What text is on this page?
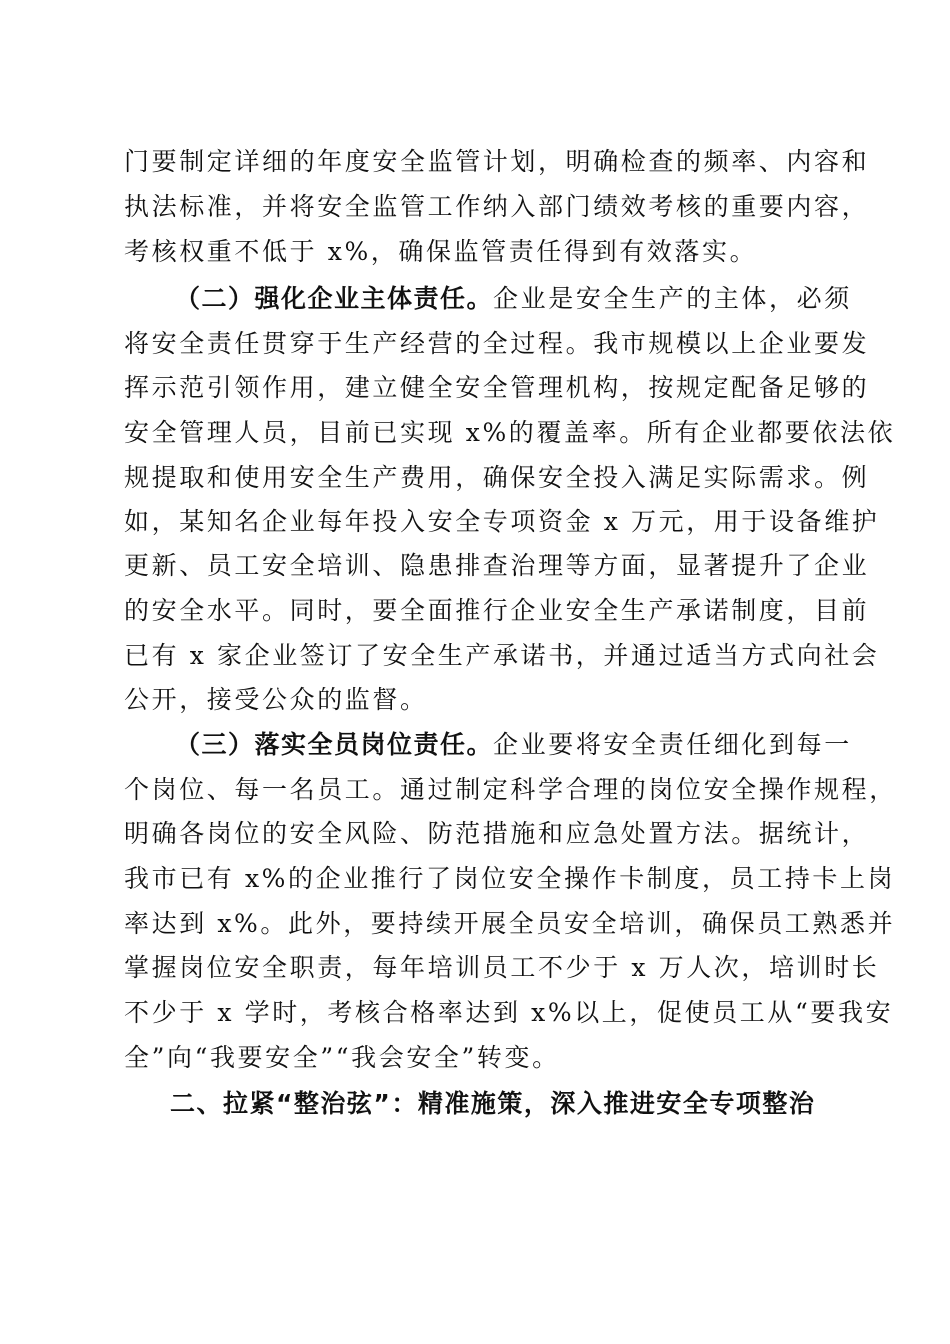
门要制定详细的年度安全监管计划，明确检查的频率、内容和
执法标准，并将安全监管工作纳入部门绩效考核的重要内容，
考核权重不低于 x%，确保监管责任得到有效落实。
（二）强化企业主体责任。企业是安全生产的主体，必须
将安全责任贯穿于生产经营的全过程。我市规模以上企业要发
挥示范引领作用，建立健全安全管理机构，按规定配备足够的
安全管理人员，目前已实现 x%的覆盖率。所有企业都要依法依
规提取和使用安全生产费用，确保安全投入满足实际需求。例
如，某知名企业每年投入安全专项资金 x 万元，用于设备维护
更新、员工安全培训、隐患排查治理等方面，显著提升了企业
的安全水平。同时，要全面推行企业安全生产承诺制度，目前
已有 x 家企业签订了安全生产承诺书，并通过适当方式向社会
公开，接受公众的监督。
（三）落实全员岗位责任。企业要将安全责任细化到每一
个岗位、每一名员工。通过制定科学合理的岗位安全操作规程，
明确各岗位的安全风险、防范措施和应急处置方法。据统计，
我市已有 x%的企业推行了岗位安全操作卡制度，员工持卡上岗
率达到 x%。此外，要持续开展全员安全培训，确保员工熟悉并
掌握岗位安全职责，每年培训员工不少于 x 万人次，培训时长
不少于 x 学时，考核合格率达到 x%以上，促使员工从“要我安
全”向“我要安全”“我会安全”转变。
二、拉紧“整治弦”：精准施策，深入推进安全专项整治
